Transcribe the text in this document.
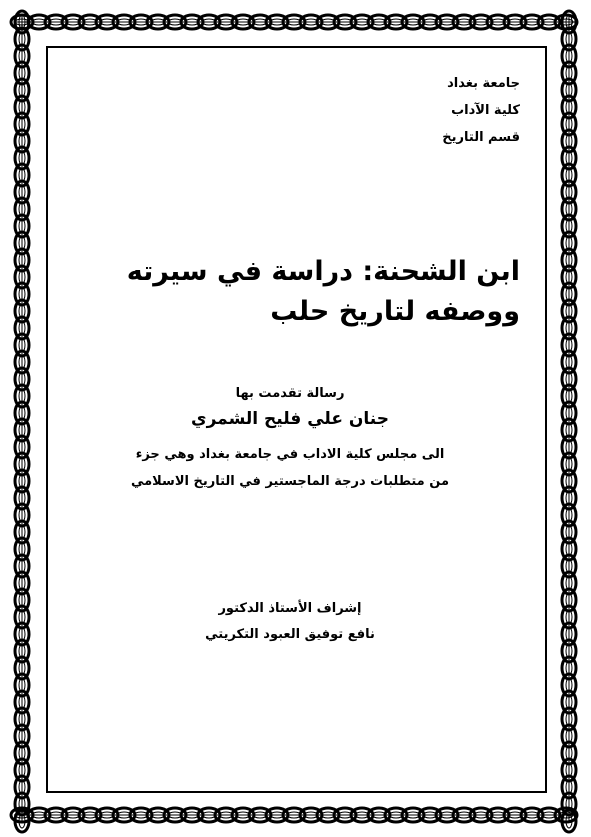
جامعة بغداد
كلية الآداب
قسم التاريخ
ابن الشحنة: دراسة في سيرته
ووصفه لتاريخ حلب
رسالة تقدمت بها
جنان علي فليح الشمري
الى مجلس كلية الاداب في جامعة بغداد وهي جزء
من متطلبات درجة الماجستير في التاريخ الاسلامي
إشراف الأستاذ الدكتور
نافع توفيق العبود التكريتي
